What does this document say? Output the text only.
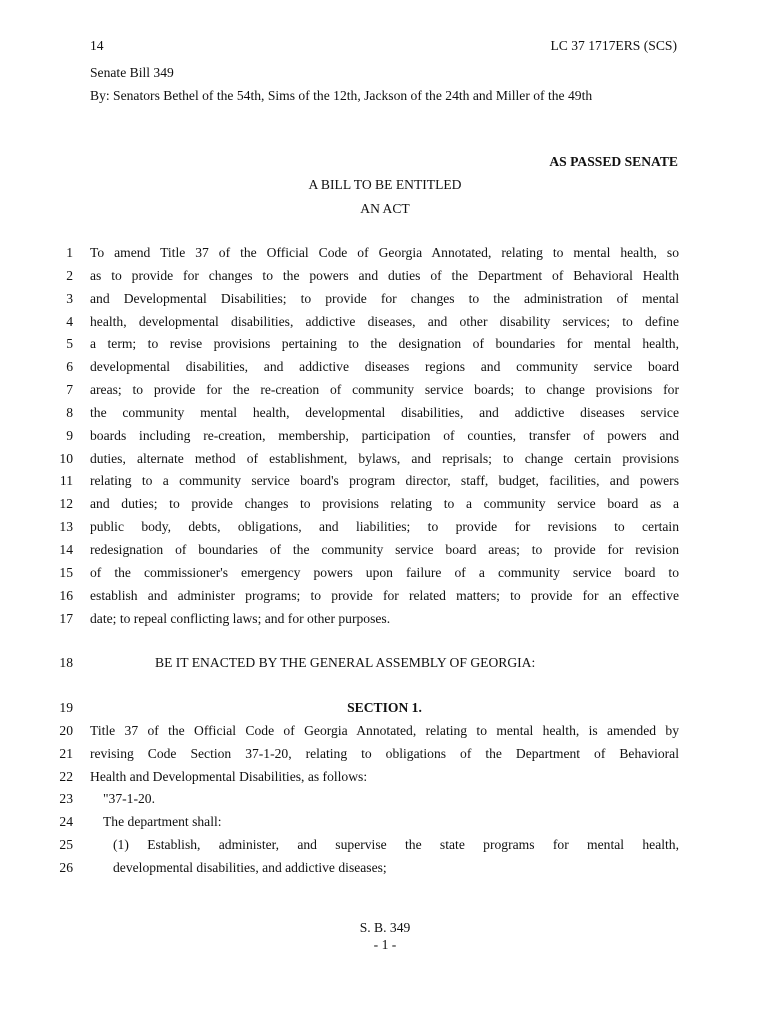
14	LC 37 1717ERS (SCS)
Senate Bill 349
By: Senators Bethel of the 54th, Sims of the 12th, Jackson of the 24th and Miller of the 49th
AS PASSED SENATE
A BILL TO BE ENTITLED
AN ACT
1 To amend Title 37 of the Official Code of Georgia Annotated, relating to mental health, so
2 as to provide for changes to the powers and duties of the Department of Behavioral Health
3 and Developmental Disabilities; to provide for changes to the administration of mental
4 health, developmental disabilities, addictive diseases, and other disability services; to define
5 a term; to revise provisions pertaining to the designation of boundaries for mental health,
6 developmental disabilities, and addictive diseases regions and community service board
7 areas; to provide for the re-creation of community service boards; to change provisions for
8 the community mental health, developmental disabilities, and addictive diseases service
9 boards including re-creation, membership, participation of counties, transfer of powers and
10 duties, alternate method of establishment, bylaws, and reprisals; to change certain provisions
11 relating to a community service board's program director, staff, budget, facilities, and powers
12 and duties; to provide changes to provisions relating to a community service board as a
13 public body, debts, obligations, and liabilities; to provide for revisions to certain
14 redesignation of boundaries of the community service board areas; to provide for revision
15 of the commissioner's emergency powers upon failure of a community service board to
16 establish and administer programs; to provide for related matters; to provide for an effective
17 date; to repeal conflicting laws; and for other purposes.
18	BE IT ENACTED BY THE GENERAL ASSEMBLY OF GEORGIA:
19	SECTION 1.
20 Title 37 of the Official Code of Georgia Annotated, relating to mental health, is amended by
21 revising Code Section 37-1-20, relating to obligations of the Department of Behavioral
22 Health and Developmental Disabilities, as follows:
23 "37-1-20.
24 The department shall:
25	(1) Establish, administer, and supervise the state programs for mental health,
26	developmental disabilities, and addictive diseases;
S. B. 349
- 1 -
